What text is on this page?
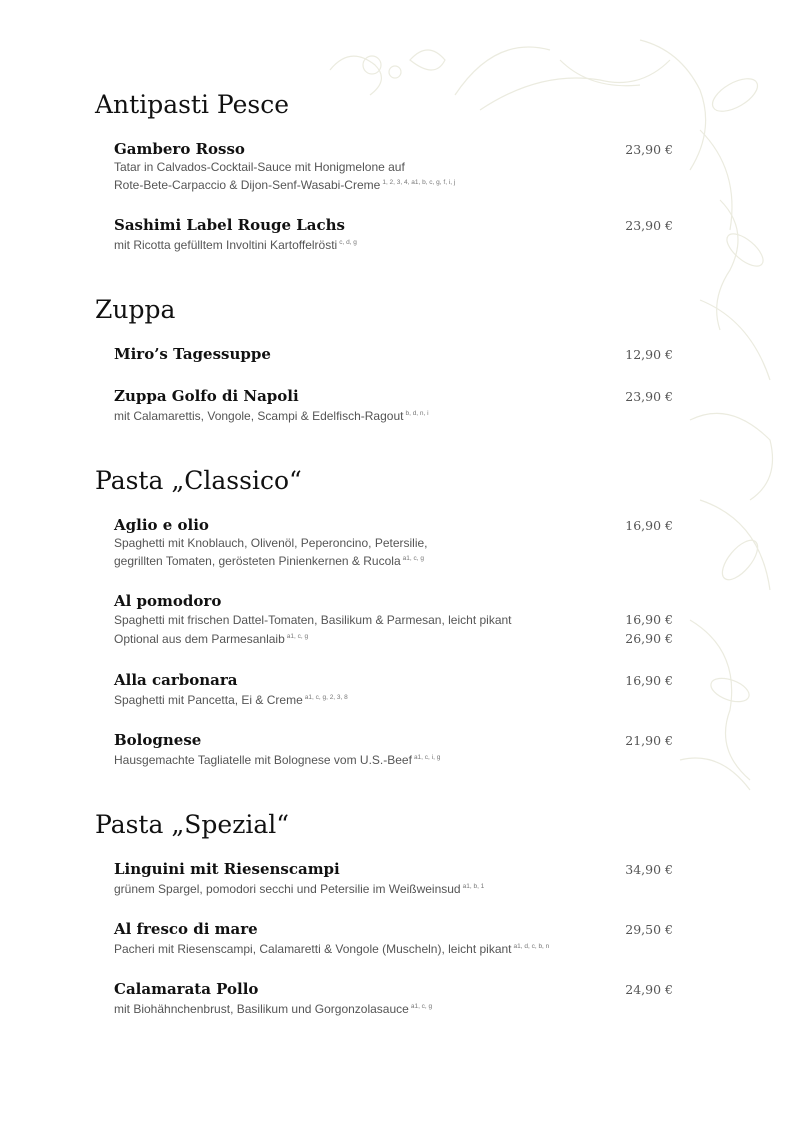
Antipasti Pesce
Gambero Rosso	23,90 €
Tatar in Calvados-Cocktail-Sauce mit Honigmelone auf
Rote-Bete-Carpaccio & Dijon-Senf-Wasabi-Creme $^{1, 2, 3, 4, a1, b, c, g, f, i, j}$
Sashimi Label Rouge Lachs	23,90 €
mit Ricotta gefülltem Involtini Kartoffelrösti $^{c, d, g}$
Zuppa
Miro’s Tagessuppe	12,90 €
Zuppa Golfo di Napoli	23,90 €
mit Calamarettis, Vongole, Scampi & Edelfisch-Ragout $^{b, d, n, i}$
Pasta „Classico“
Aglio e olio	16,90 €
Spaghetti mit Knoblauch, Olivenöl, Peperoncino, Petersilie,
gegrillten Tomaten, gerösteten Pinienkernen & Rucola $^{a1, c, g}$
Al pomodoro
Spaghetti mit frischen Dattel-Tomaten, Basilikum & Parmesan, leicht pikant	16,90 €
Optional aus dem Parmesanlaib $^{a1, c, g}$	26,90 €
Alla carbonara	16,90 €
Spaghetti mit Pancetta, Ei & Creme $^{a1, c, g, 2, 3, 8}$
Bolognese	21,90 €
Hausgemachte Tagliatelle mit Bolognese vom U.S.-Beef $^{a1, c, i, g}$
Pasta „Spezial“
Linguini mit Riesenscampi	34,90 €
grünem Spargel, pomodori secchi und Petersilie im Weißweinsud $^{a1, b, 1}$
Al fresco di mare	29,50 €
Pacheri mit Riesenscampi, Calamaretti & Vongole (Muscheln), leicht pikant $^{a1, d, c, b, n}$
Calamarata Pollo	24,90 €
mit Biohähnchenbrust, Basilikum und Gorgonzolasauce $^{a1, c, g}$
